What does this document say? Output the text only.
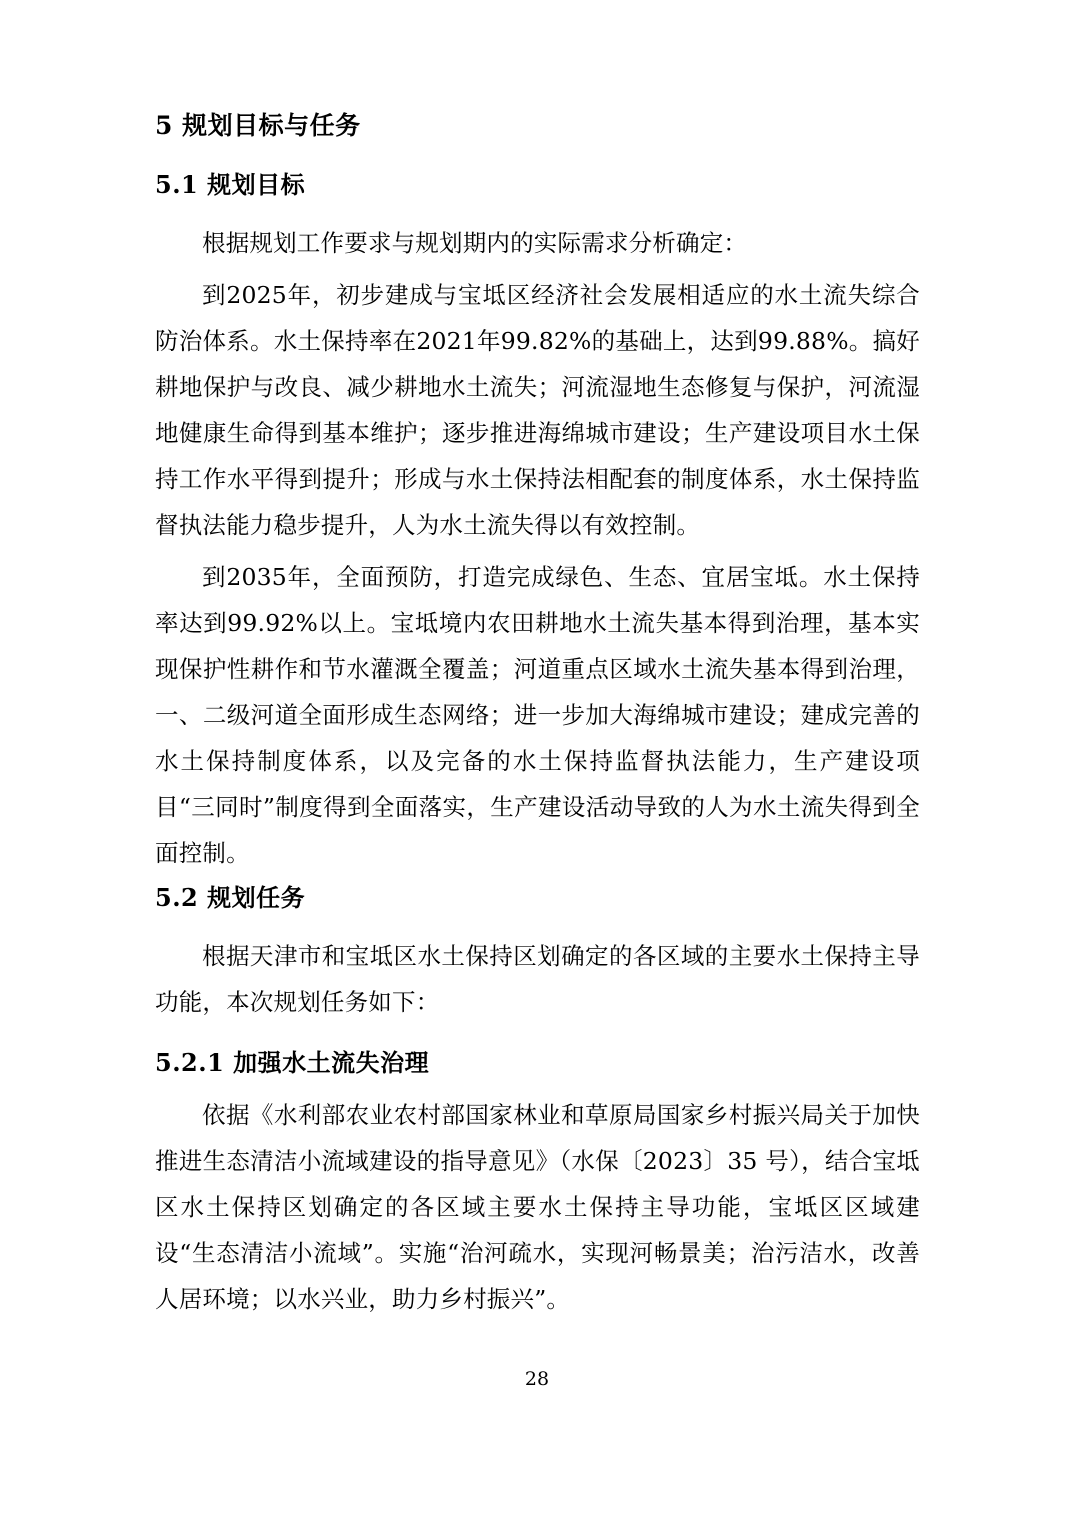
5 规划目标与任务
5.1 规划目标

根据规划工作要求与规划期内的实际需求分析确定：

到2025年，初步建成与宝坻区经济社会发展相适应的水土流失综合防治体系。水土保持率在2021年99.82%的基础上，达到99.88%。搞好耕地保护与改良、减少耕地水土流失；河流湿地生态修复与保护，河流湿地健康生命得到基本维护；逐步推进海绵城市建设；生产建设项目水土保持工作水平得到提升；形成与水土保持法相配套的制度体系，水土保持监督执法能力稳步提升，人为水土流失得以有效控制。

到2035年，全面预防，打造完成绿色、生态、宜居宝坻。水土保持率达到99.92%以上。宝坻境内农田耕地水土流失基本得到治理，基本实现保护性耕作和节水灌溉全覆盖；河道重点区域水土流失基本得到治理，一、二级河道全面形成生态网络；进一步加大海绵城市建设；建成完善的水土保持制度体系，以及完备的水土保持监督执法能力，生产建设项目“三同时”制度得到全面落实，生产建设活动导致的人为水土流失得到全面控制。

5.2 规划任务

根据天津市和宝坻区水土保持区划确定的各区域的主要水土保持主导功能，本次规划任务如下：

5.2.1 加强水土流失治理

依据《水利部农业农村部国家林业和草原局国家乡村振兴局关于加快推进生态清洁小流域建设的指导意见》（水保〔2023〕35 号），结合宝坻区水土保持区划确定的各区域主要水土保持主导功能，宝坻区区域建设“生态清洁小流域”。实施“治河疏水，实现河畅景美；治污洁水，改善人居环境；以水兴业，助力乡村振兴”。

28
